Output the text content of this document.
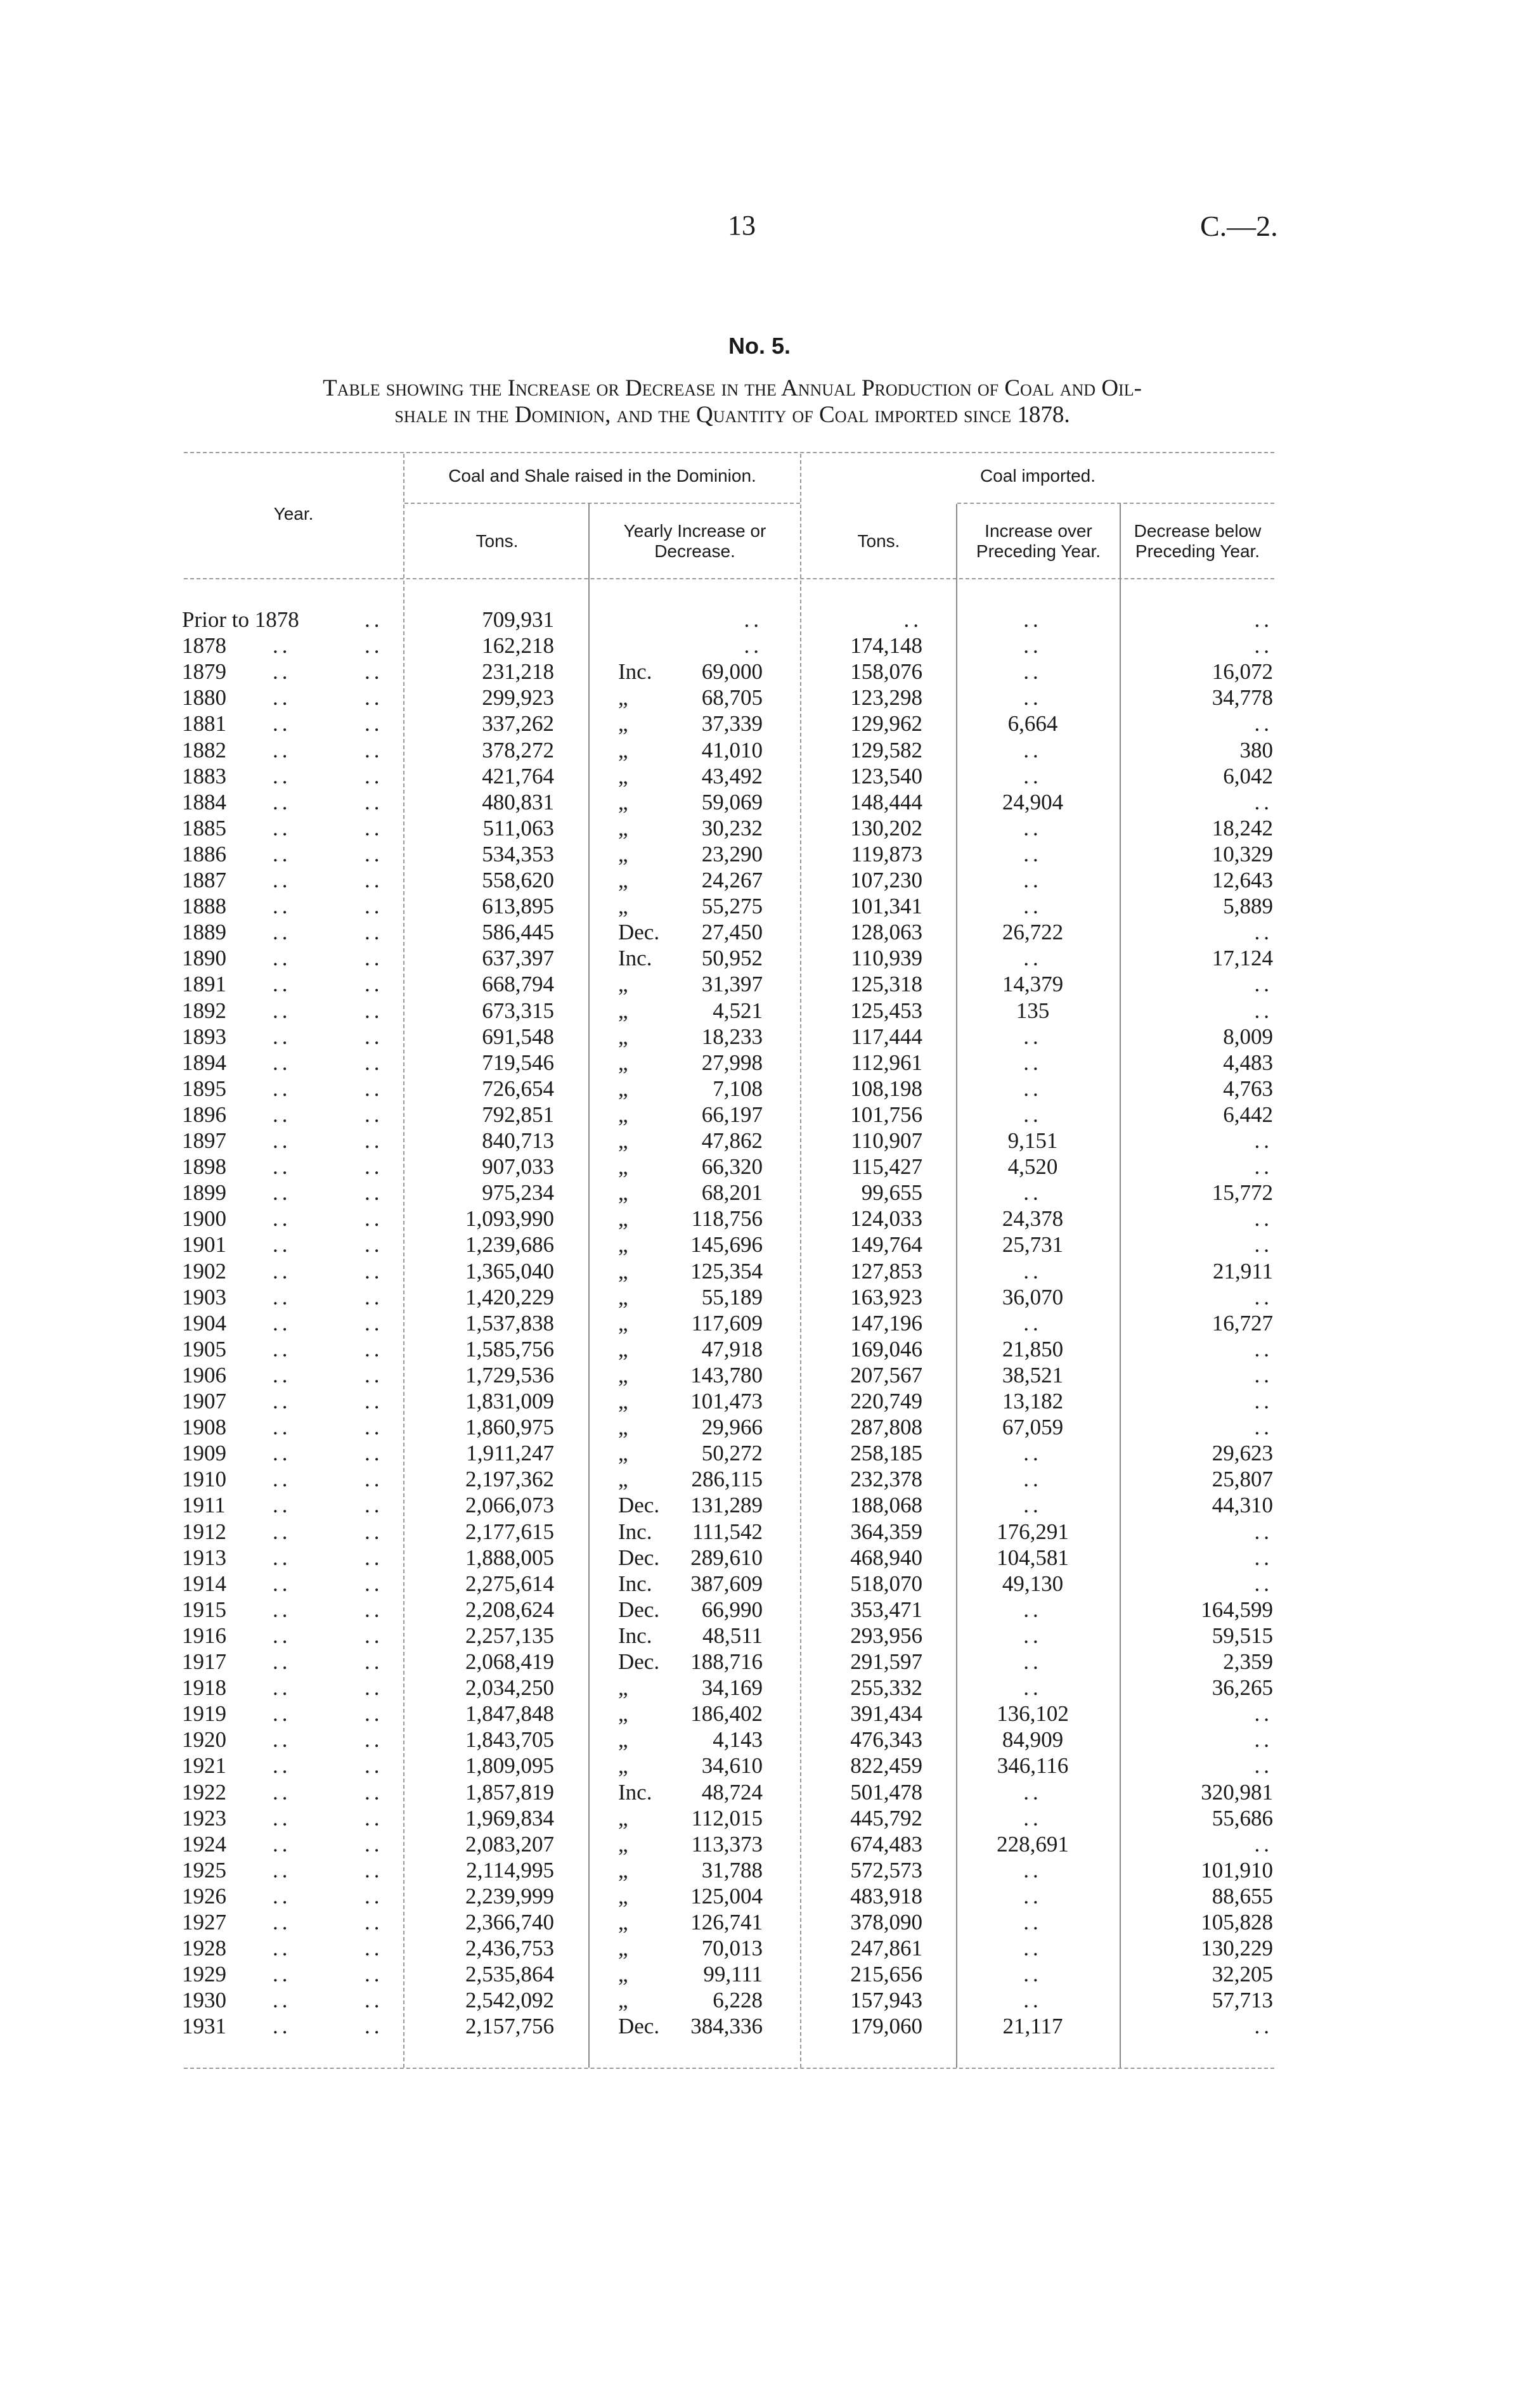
13	C.—2.
No. 5.
Table showing the Increase or Decrease in the Annual Production of Coal and Oil-
shale in the Dominion, and the Quantity of Coal imported since 1878.
Year.
Coal and Shale raised in the Dominion.
Tons.
Yearly Increase or
Decrease.
Coal imported.
Tons.
Increase over
Preceding Year.
Decrease below
Preceding Year.
Prior to 1878	..	709,931	..	..	..	..
1878 ..	..	162,218	..	174,148	..	..
1879 ..	..	231,218	Inc.	69,000	158,076	..	16,072
1880 ..	..	299,923	„	68,705	123,298	..	34,778
1881 ..	..	337,262	„	37,339	129,962	6,664	..
1882 ..	..	378,272	„	41,010	129,582	..	380
1883 ..	..	421,764	„	43,492	123,540	..	6,042
1884 ..	..	480,831	„	59,069	148,444	24,904	..
1885 ..	..	511,063	„	30,232	130,202	..	18,242
1886 ..	..	534,353	„	23,290	119,873	..	10,329
1887 ..	..	558,620	„	24,267	107,230	..	12,643
1888 ..	..	613,895	„	55,275	101,341	..	5,889
1889 ..	..	586,445	Dec.	27,450	128,063	26,722	..
1890 ..	..	637,397	Inc.	50,952	110,939	..	17,124
1891 ..	..	668,794	„	31,397	125,318	14,379	..
1892 ..	..	673,315	„	4,521	125,453	135	..
1893 ..	..	691,548	„	18,233	117,444	..	8,009
1894 ..	..	719,546	„	27,998	112,961	..	4,483
1895 ..	..	726,654	„	7,108	108,198	..	4,763
1896 ..	..	792,851	„	66,197	101,756	..	6,442
1897 ..	..	840,713	„	47,862	110,907	9,151	..
1898 ..	..	907,033	„	66,320	115,427	4,520	..
1899 ..	..	975,234	„	68,201	99,655	..	15,772
1900 ..	..	1,093,990	„	118,756	124,033	24,378	..
1901 ..	..	1,239,686	„	145,696	149,764	25,731	..
1902 ..	..	1,365,040	„	125,354	127,853	..	21,911
1903 ..	..	1,420,229	„	55,189	163,923	36,070	..
1904 ..	..	1,537,838	„	117,609	147,196	..	16,727
1905 ..	..	1,585,756	„	47,918	169,046	21,850	..
1906 ..	..	1,729,536	„	143,780	207,567	38,521	..
1907 ..	..	1,831,009	„	101,473	220,749	13,182	..
1908 ..	..	1,860,975	„	29,966	287,808	67,059	..
1909 ..	..	1,911,247	„	50,272	258,185	..	29,623
1910 ..	..	2,197,362	„	286,115	232,378	..	25,807
1911 ..	..	2,066,073	Dec.	131,289	188,068	..	44,310
1912 ..	..	2,177,615	Inc.	111,542	364,359	176,291	..
1913 ..	..	1,888,005	Dec.	289,610	468,940	104,581	..
1914 ..	..	2,275,614	Inc.	387,609	518,070	49,130	..
1915 ..	..	2,208,624	Dec.	66,990	353,471	..	164,599
1916 ..	..	2,257,135	Inc.	48,511	293,956	..	59,515
1917 ..	..	2,068,419	Dec.	188,716	291,597	..	2,359
1918 ..	..	2,034,250	„	34,169	255,332	..	36,265
1919 ..	..	1,847,848	„	186,402	391,434	136,102	..
1920 ..	..	1,843,705	„	4,143	476,343	84,909	..
1921 ..	..	1,809,095	„	34,610	822,459	346,116	..
1922 ..	..	1,857,819	Inc.	48,724	501,478	..	320,981
1923 ..	..	1,969,834	„	112,015	445,792	..	55,686
1924 ..	..	2,083,207	„	113,373	674,483	228,691	..
1925 ..	..	2,114,995	„	31,788	572,573	..	101,910
1926 ..	..	2,239,999	„	125,004	483,918	..	88,655
1927 ..	..	2,366,740	„	126,741	378,090	..	105,828
1928 ..	..	2,436,753	„	70,013	247,861	..	130,229
1929 ..	..	2,535,864	„	99,111	215,656	..	32,205
1930 ..	..	2,542,092	„	6,228	157,943	..	57,713
1931 ..	..	2,157,756	Dec.	384,336	179,060	21,117	..
